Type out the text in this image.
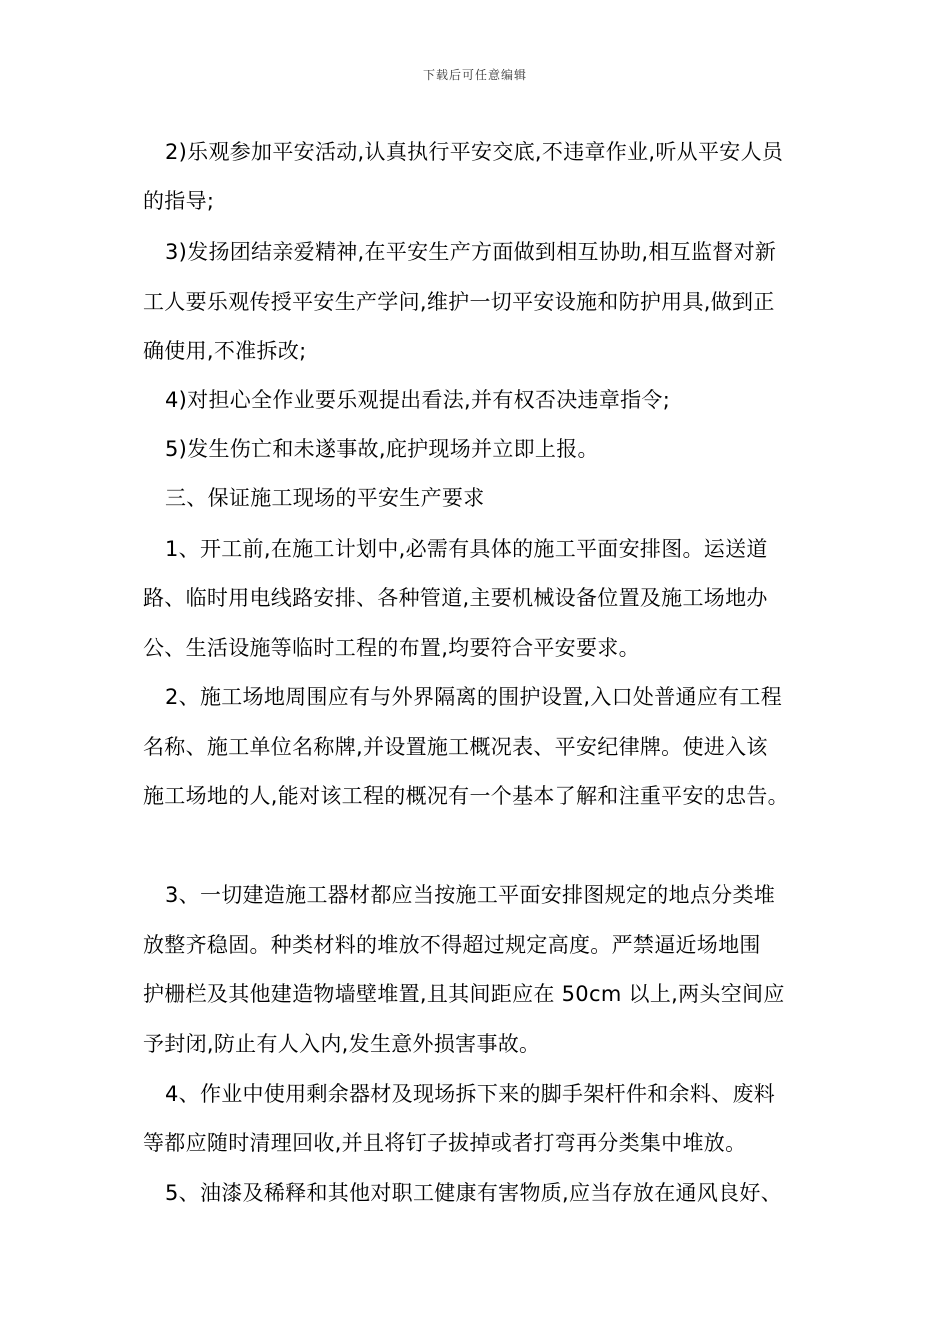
下载后可任意编辑
2)乐观参加平安活动,认真执行平安交底,不违章作业,听从平安人员
的指导;
3)发扬团结亲爱精神,在平安生产方面做到相互协助,相互监督对新
工人要乐观传授平安生产学问,维护一切平安设施和防护用具,做到正
确使用,不准拆改;
4)对担心全作业要乐观提出看法,并有权否决违章指令;
5)发生伤亡和未遂事故,庇护现场并立即上报。
三、保证施工现场的平安生产要求
1、开工前,在施工计划中,必需有具体的施工平面安排图。运送道
路、临时用电线路安排、各种管道,主要机械设备位置及施工场地办
公、生活设施等临时工程的布置,均要符合平安要求。
2、施工场地周围应有与外界隔离的围护设置,入口处普通应有工程
名称、施工单位名称牌,并设置施工概况表、平安纪律牌。使进入该
施工场地的人,能对该工程的概况有一个基本了解和注重平安的忠告。
3、一切建造施工器材都应当按施工平面安排图规定的地点分类堆
放整齐稳固。种类材料的堆放不得超过规定高度。严禁逼近场地围
护栅栏及其他建造物墙壁堆置,且其间距应在 50cm 以上,两头空间应
予封闭,防止有人入内,发生意外损害事故。
4、作业中使用剩余器材及现场拆下来的脚手架杆件和余料、废料
等都应随时清理回收,并且将钉子拔掉或者打弯再分类集中堆放。
5、油漆及稀释和其他对职工健康有害物质,应当存放在通风良好、
